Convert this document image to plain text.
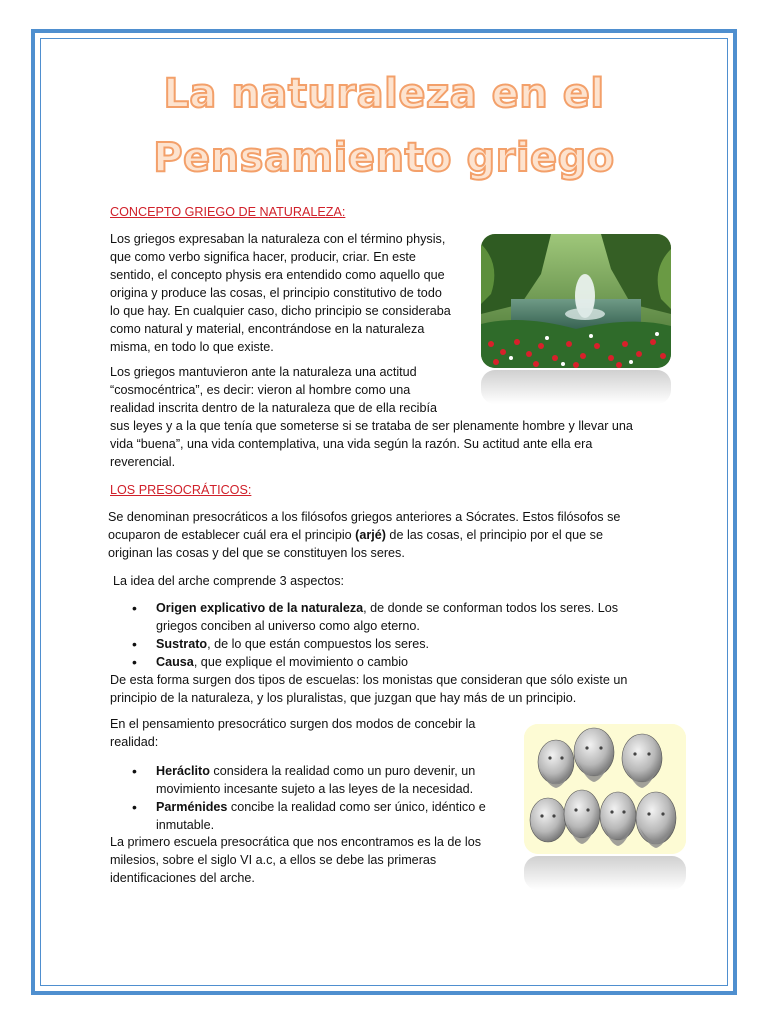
La naturaleza en el
Pensamiento griego
CONCEPTO GRIEGO DE NATURALEZA:
Los griegos expresaban la naturaleza con el término physis,
que como verbo significa hacer, producir, criar. En este
sentido, el concepto physis era entendido como aquello que
origina y produce las cosas, el principio constitutivo de todo
lo que hay. En cualquier caso, dicho principio se consideraba
como natural y material, encontrándose en la naturaleza
misma, en todo lo que existe.
Los griegos mantuvieron ante la naturaleza una actitud
“cosmocéntrica”, es decir: vieron al hombre como una
realidad inscrita dentro de la naturaleza que de ella recibía
sus leyes y a la que tenía que someterse si se trataba de ser plenamente hombre y llevar una
vida “buena”, una vida contemplativa, una vida según la razón. Su actitud ante ella era
reverencial.
LOS PRESOCRÁTICOS:
Se denominan presocráticos a los filósofos griegos anteriores a Sócrates. Estos filósofos se
ocuparon de establecer cuál era el principio (arjé) de las cosas, el principio por el que se
originan las cosas y del que se constituyen los seres.
La idea del arche comprende 3 aspectos:
• Origen explicativo de la naturaleza, de donde se conforman todos los seres. Los
griegos conciben al universo como algo eterno.
• Sustrato, de lo que están compuestos los seres.
• Causa, que explique el movimiento o cambio
De esta forma surgen dos tipos de escuelas: los monistas que consideran que sólo existe un
principio de la naturaleza, y los pluralistas, que juzgan que hay más de un principio.
En el pensamiento presocrático surgen dos modos de concebir la
realidad:
• Heráclito considera la realidad como un puro devenir, un
movimiento incesante sujeto a las leyes de la necesidad.
• Parménides concibe la realidad como ser único, idéntico e
inmutable.
La primero escuela presocrática que nos encontramos es la de los
milesios, sobre el siglo VI a.c, a ellos se debe las primeras
identificaciones del arche.
